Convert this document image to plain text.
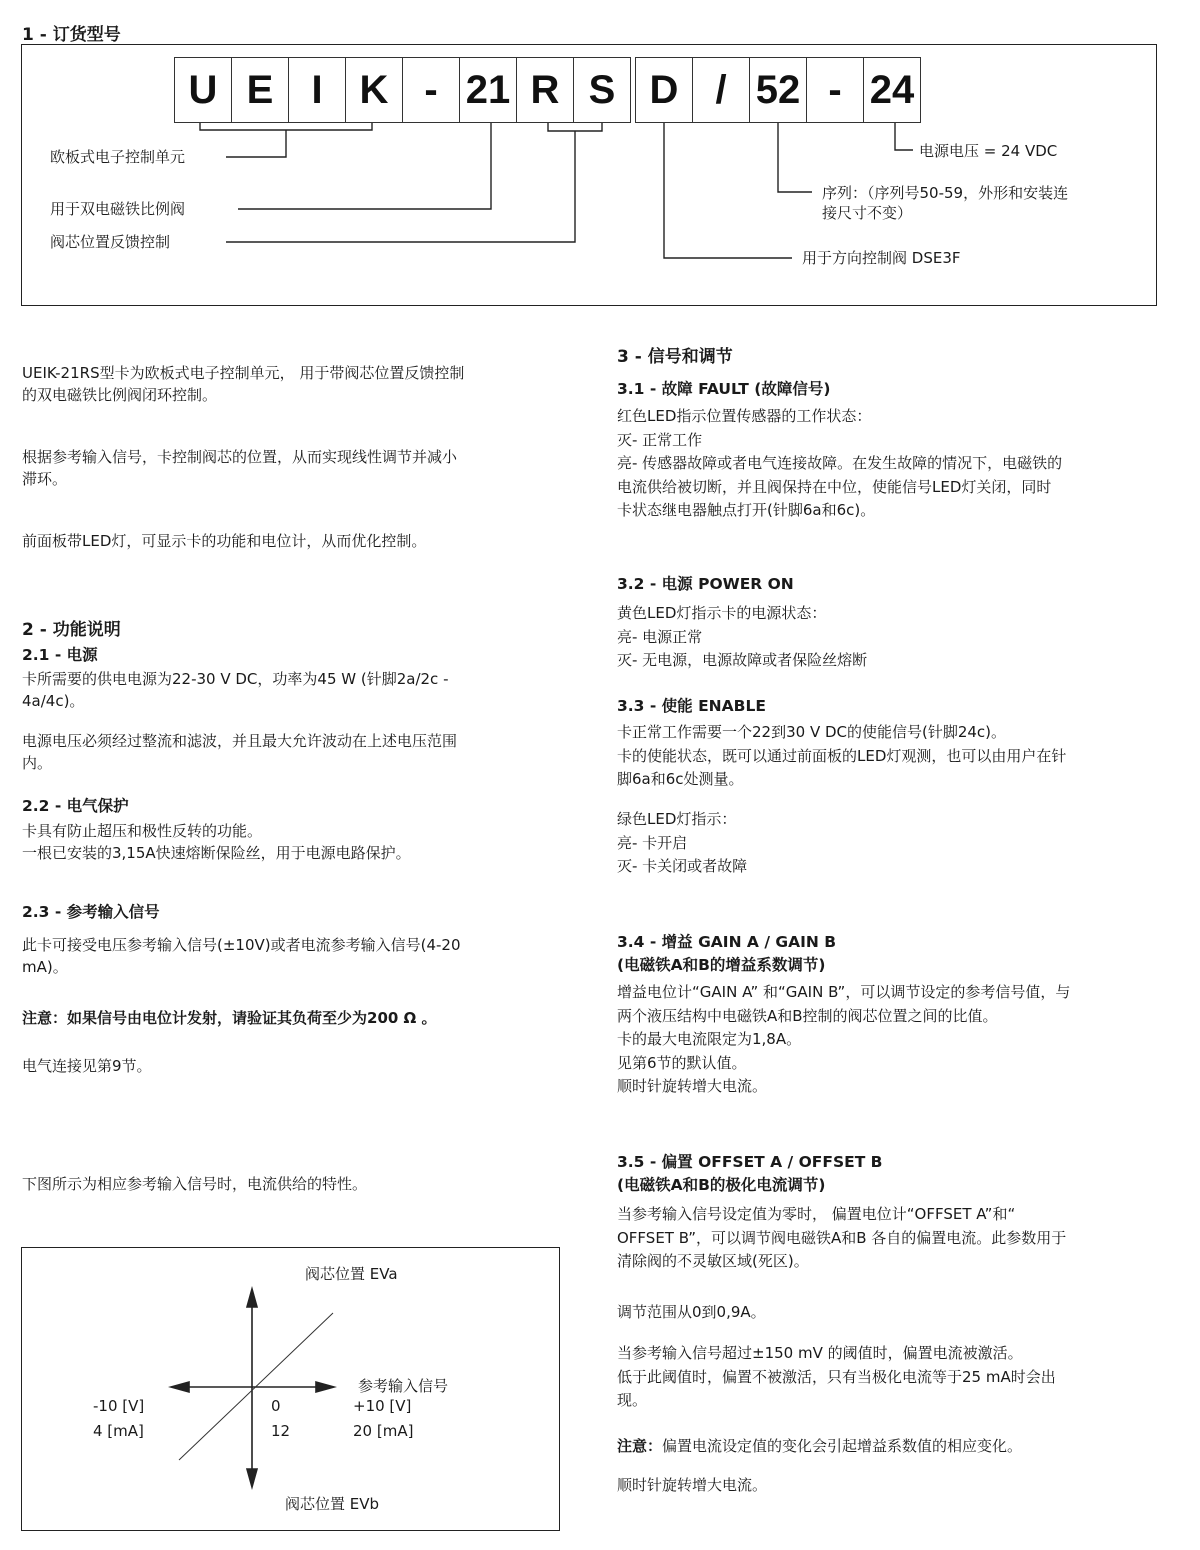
1 - 订货型号
U E I K - 21 R S D / 52 - 24
欧板式电子控制单元
用于双电磁铁比例阀
阀芯位置反馈控制
用于方向控制阀 DSE3F
序列：（序列号50-59，外形和安装连
接尺寸不变）
电源电压 = 24 VDC

UEIK-21RS型卡为欧板式电子控制单元， 用于带阀芯位置反馈控制
的双电磁铁比例阀闭环控制。

根据参考输入信号，卡控制阀芯的位置，从而实现线性调节并减小
滞环。

前面板带LED灯，可显示卡的功能和电位计，从而优化控制。

2 - 功能说明
2.1 - 电源
卡所需要的供电电源为22-30 V DC，功率为45 W (针脚2a/2c -
4a/4c)。
电源电压必须经过整流和滤波，并且最大允许波动在上述电压范围
内。
2.2 - 电气保护
卡具有防止超压和极性反转的功能。
一根已安装的3,15A快速熔断保险丝，用于电源电路保护。
2.3 - 参考输入信号
此卡可接受电压参考输入信号(±10V)或者电流参考输入信号(4-20
mA)。
注意：如果信号由电位计发射，请验证其负荷至少为200 Ω 。
电气连接见第9节。
下图所示为相应参考输入信号时，电流供给的特性。
阀芯位置 EVa
阀芯位置 EVb
参考输入信号
-10 [V]
4 [mA]
0
12
+10 [V]
20 [mA]
3 - 信号和调节
3.1 - 故障 FAULT (故障信号)
红色LED指示位置传感器的工作状态：
灭- 正常工作
亮- 传感器故障或者电气连接故障。在发生故障的情况下，电磁铁的
电流供给被切断，并且阀保持在中位，使能信号LED灯关闭，同时
卡状态继电器触点打开(针脚6a和6c)。
3.2 - 电源 POWER ON
黄色LED灯指示卡的电源状态：
亮- 电源正常
灭- 无电源，电源故障或者保险丝熔断
3.3 - 使能 ENABLE
卡正常工作需要一个22到30 V DC的使能信号(针脚24c)。
卡的使能状态，既可以通过前面板的LED灯观测，也可以由用户在针
脚6a和6c处测量。
绿色LED灯指示：
亮- 卡开启
灭- 卡关闭或者故障
3.4 - 增益 GAIN A / GAIN B
(电磁铁A和B的增益系数调节)
增益电位计“GAIN A” 和“GAIN B”，可以调节设定的参考信号值，与
两个液压结构中电磁铁A和B控制的阀芯位置之间的比值。
卡的最大电流限定为1,8A。
见第6节的默认值。
顺时针旋转增大电流。
3.5 - 偏置 OFFSET A / OFFSET B
(电磁铁A和B的极化电流调节)
当参考输入信号设定值为零时， 偏置电位计“OFFSET A”和“
OFFSET B”，可以调节阀电磁铁A和B 各自的偏置电流。此参数用于
清除阀的不灵敏区域(死区)。
调节范围从0到0,9A。
当参考输入信号超过±150 mV 的阈值时，偏置电流被激活。
低于此阈值时，偏置不被激活，只有当极化电流等于25 mA时会出
现。
注意：偏置电流设定值的变化会引起增益系数值的相应变化。
顺时针旋转增大电流。
